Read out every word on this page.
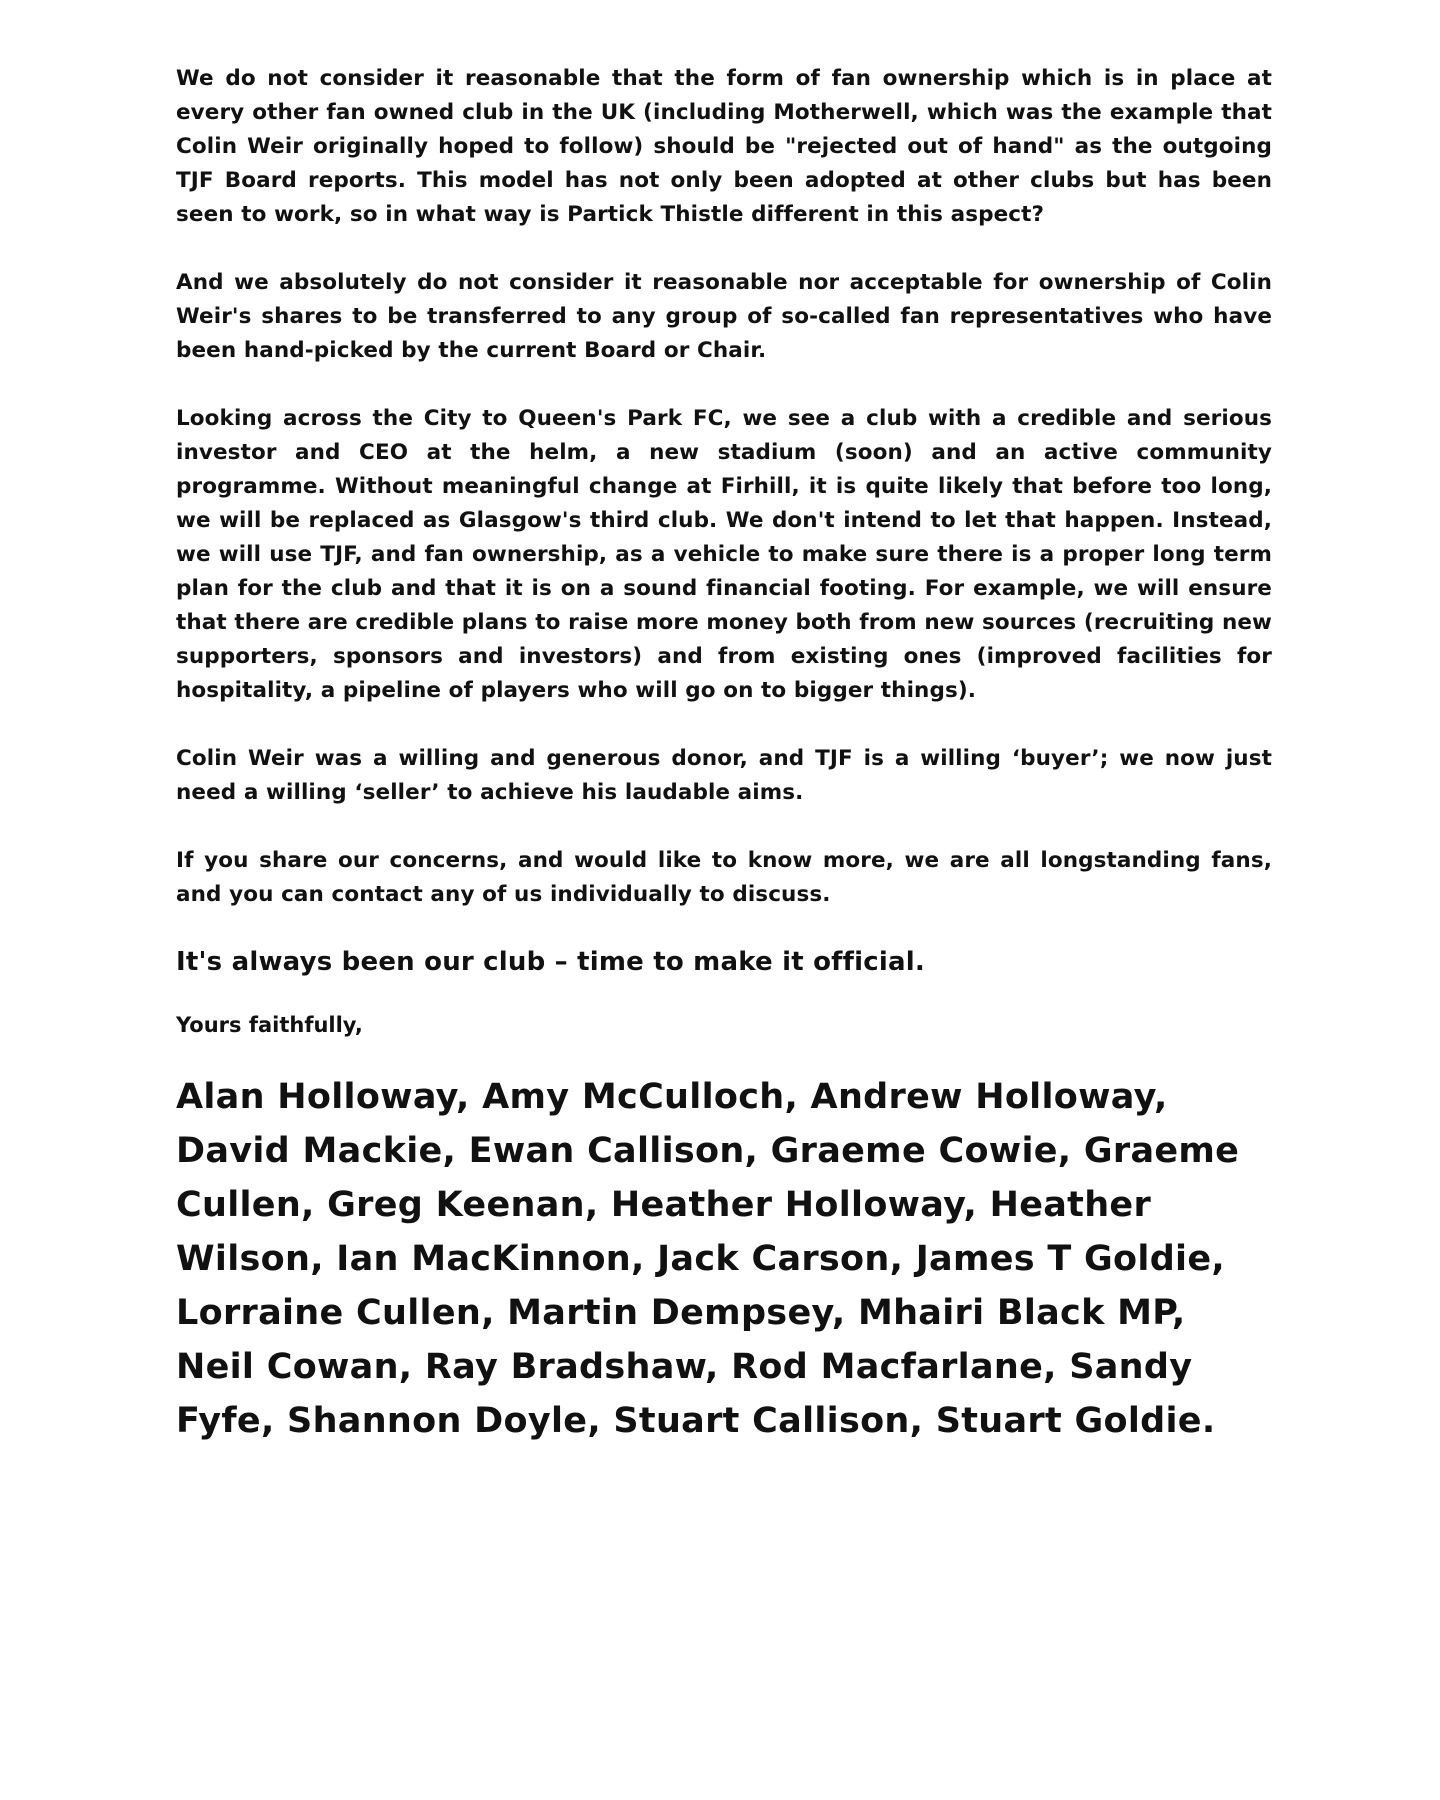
We do not consider it reasonable that the form of fan ownership which is in place at every other fan owned club in the UK (including Motherwell, which was the example that Colin Weir originally hoped to follow) should be "rejected out of hand" as the outgoing TJF Board reports. This model has not only been adopted at other clubs but has been seen to work, so in what way is Partick Thistle different in this aspect?

And we absolutely do not consider it reasonable nor acceptable for ownership of Colin Weir's shares to be transferred to any group of so-called fan representatives who have been hand-picked by the current Board or Chair.

Looking across the City to Queen's Park FC, we see a club with a credible and serious investor and CEO at the helm, a new stadium (soon) and an active community programme. Without meaningful change at Firhill, it is quite likely that before too long, we will be replaced as Glasgow's third club. We don't intend to let that happen. Instead, we will use TJF, and fan ownership, as a vehicle to make sure there is a proper long term plan for the club and that it is on a sound financial footing. For example, we will ensure that there are credible plans to raise more money both from new sources (recruiting new supporters, sponsors and investors) and from existing ones (improved facilities for hospitality, a pipeline of players who will go on to bigger things).

Colin Weir was a willing and generous donor, and TJF is a willing ‘buyer’; we now just need a willing ‘seller’ to achieve his laudable aims.

If you share our concerns, and would like to know more, we are all longstanding fans, and you can contact any of us individually to discuss.

It's always been our club – time to make it official.

Yours faithfully,

Alan Holloway, Amy McCulloch, Andrew Holloway, David Mackie, Ewan Callison, Graeme Cowie, Graeme Cullen, Greg Keenan, Heather Holloway, Heather Wilson, Ian MacKinnon, Jack Carson, James T Goldie, Lorraine Cullen, Martin Dempsey, Mhairi Black MP, Neil Cowan, Ray Bradshaw, Rod Macfarlane, Sandy Fyfe, Shannon Doyle, Stuart Callison, Stuart Goldie.
